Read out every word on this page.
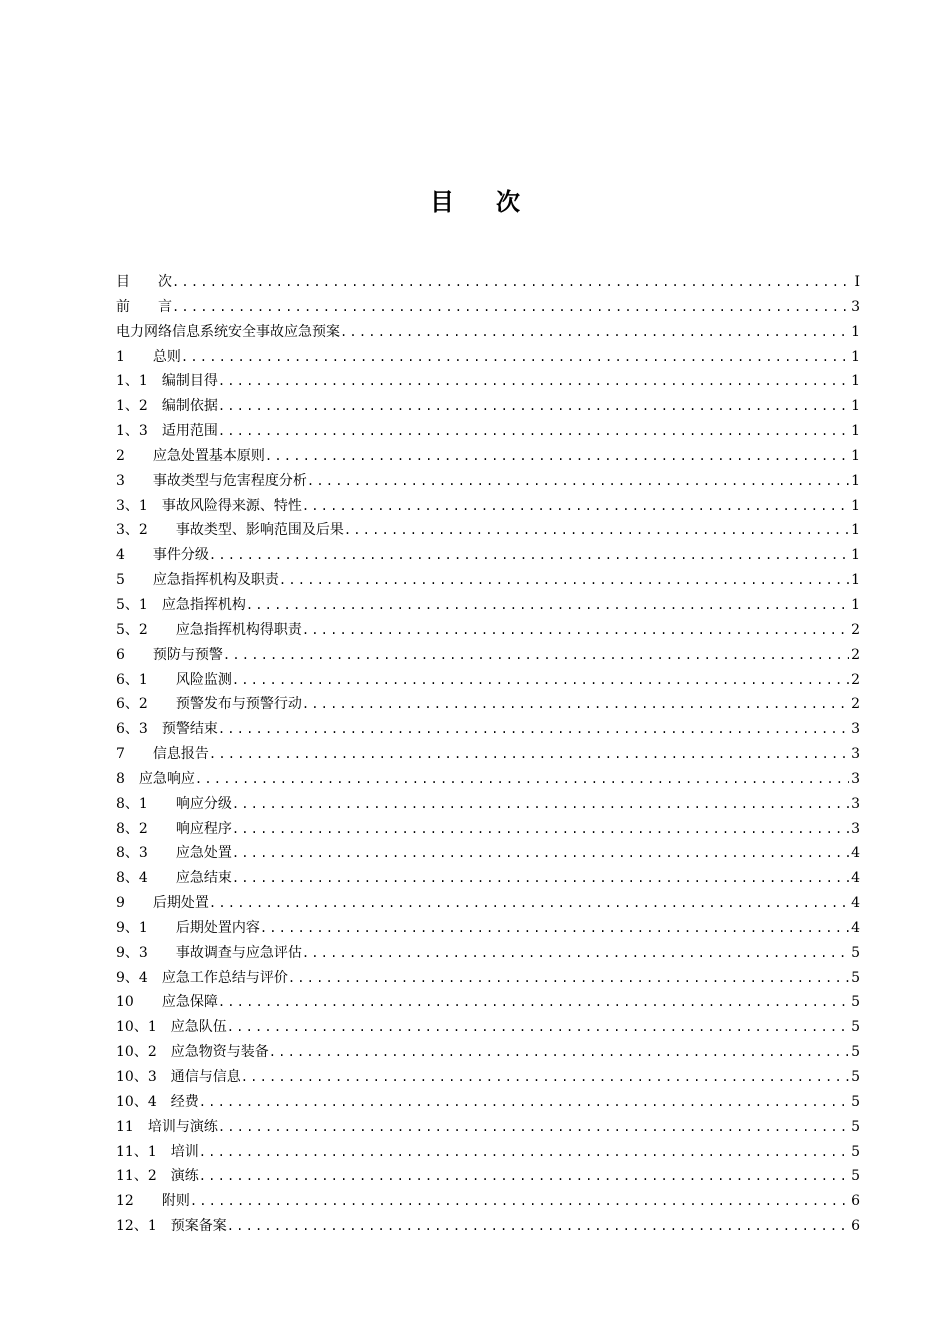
目次
目　　次 .....	I
前　　言 .....	3
电力网络信息系统安全事故应急预案 .....	1
1　　总则 .....	1
1、1　编制目得 .....	1
1、2　编制依据 .....	1
1、3　适用范围 .....	1
2　　应急处置基本原则 .....	1
3　　事故类型与危害程度分析 .....	1
3、1　事故风险得来源、特性 .....	1
3、2　　事故类型、影响范围及后果 .....	1
4　　事件分级 .....	1
5　　应急指挥机构及职责 .....	1
5、1　应急指挥机构 .....	1
5、2　　应急指挥机构得职责 .....	2
6　　预防与预警 .....	2
6、1　　风险监测 .....	2
6、2　　预警发布与预警行动 .....	2
6、3　预警结束 .....	3
7　　信息报告 .....	3
8　应急响应 .....	3
8、1　　响应分级 .....	3
8、2　　响应程序 .....	3
8、3　　应急处置 .....	4
8、4　　应急结束 .....	4
9　　后期处置 .....	4
9、1　　后期处置内容 .....	4
9、3　　事故调查与应急评估 .....	5
9、4　应急工作总结与评价 .....	5
10　　应急保障 .....	5
10、1　应急队伍 .....	5
10、2　应急物资与装备 .....	5
10、3　通信与信息 .....	5
10、4　经费 .....	5
11　培训与演练 .....	5
11、1　培训 .....	5
11、2　演练 .....	5
12　　附则 .....	6
12、1　预案备案 .....	6
